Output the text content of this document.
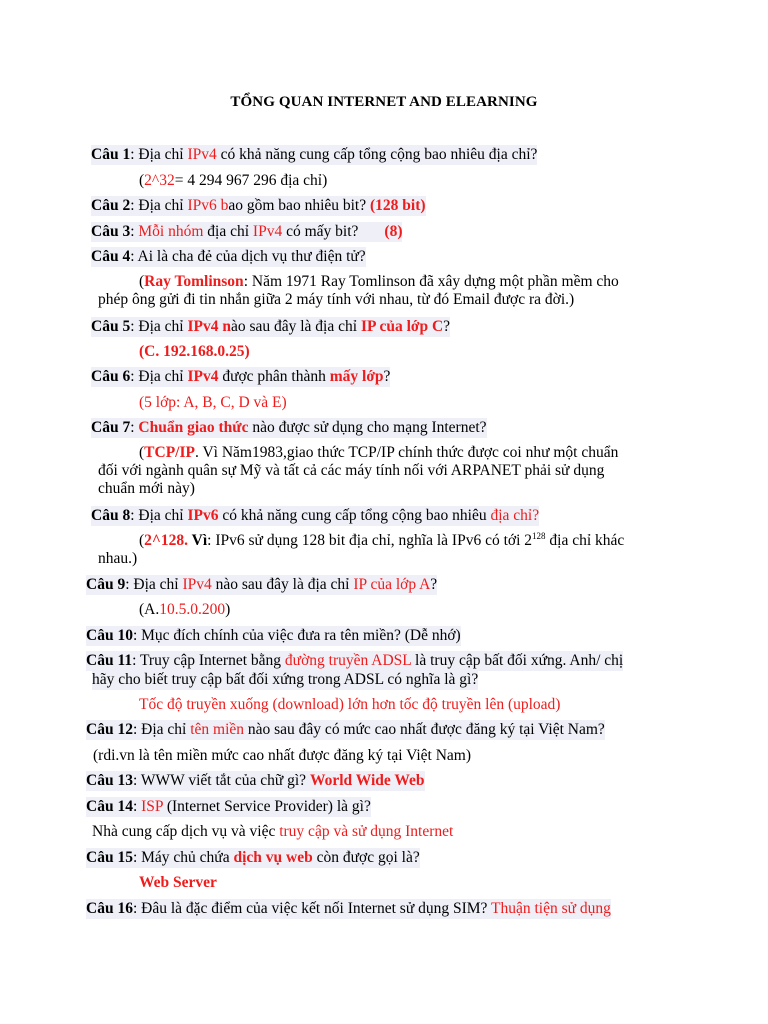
TỔNG QUAN INTERNET AND ELEARNING
Câu 1: Địa chỉ IPv4 có khả năng cung cấp tổng cộng bao nhiêu địa chỉ?
(2^32= 4 294 967 296 địa chỉ)
Câu 2: Địa chỉ IPv6 bao gồm bao nhiêu bit? (128 bit)
Câu 3: Mỗi nhóm địa chỉ IPv4 có mấy bit? (8)
Câu 4: Ai là cha đẻ của dịch vụ thư điện tử?
(Ray Tomlinson: Năm 1971 Ray Tomlinson đã xây dựng một phần mềm cho
phép ông gửi đi tin nhắn giữa 2 máy tính với nhau, từ đó Email được ra đời.)
Câu 5: Địa chỉ IPv4 nào sau đây là địa chỉ IP của lớp C?
(C. 192.168.0.25)
Câu 6: Địa chỉ IPv4 được phân thành mấy lớp?
(5 lớp: A, B, C, D và E)
Câu 7: Chuẩn giao thức nào được sử dụng cho mạng Internet?
(TCP/IP. Vì Năm1983,giao thức TCP/IP chính thức được coi như một chuẩn
đối với ngành quân sự Mỹ và tất cả các máy tính nối với ARPANET phải sử dụng
chuẩn mới này)
Câu 8: Địa chỉ IPv6 có khả năng cung cấp tổng cộng bao nhiêu địa chỉ?
(2^128. Vì: IPv6 sử dụng 128 bit địa chỉ, nghĩa là IPv6 có tới $2^{128}$ địa chỉ khác
nhau.)
Câu 9: Địa chỉ IPv4 nào sau đây là địa chỉ IP của lớp A?
(A.10.5.0.200)
Câu 10: Mục đích chính của việc đưa ra tên miền? (Dễ nhớ)
Câu 11: Truy cập Internet bằng đường truyền ADSL là truy cập bất đối xứng. Anh/ chị
hãy cho biết truy cập bất đối xứng trong ADSL có nghĩa là gì?
Tốc độ truyền xuống (download) lớn hơn tốc độ truyền lên (upload)
Câu 12: Địa chỉ tên miền nào sau đây có mức cao nhất được đăng ký tại Việt Nam?
(rdi.vn là tên miền mức cao nhất được đăng ký tại Việt Nam)
Câu 13: WWW viết tắt của chữ gì? World Wide Web
Câu 14: ISP (Internet Service Provider) là gì?
Nhà cung cấp dịch vụ và việc truy cập và sử dụng Internet
Câu 15: Máy chủ chứa dịch vụ web còn được gọi là?
Web Server
Câu 16: Đâu là đặc điểm của việc kết nối Internet sử dụng SIM? Thuận tiện sử dụng
